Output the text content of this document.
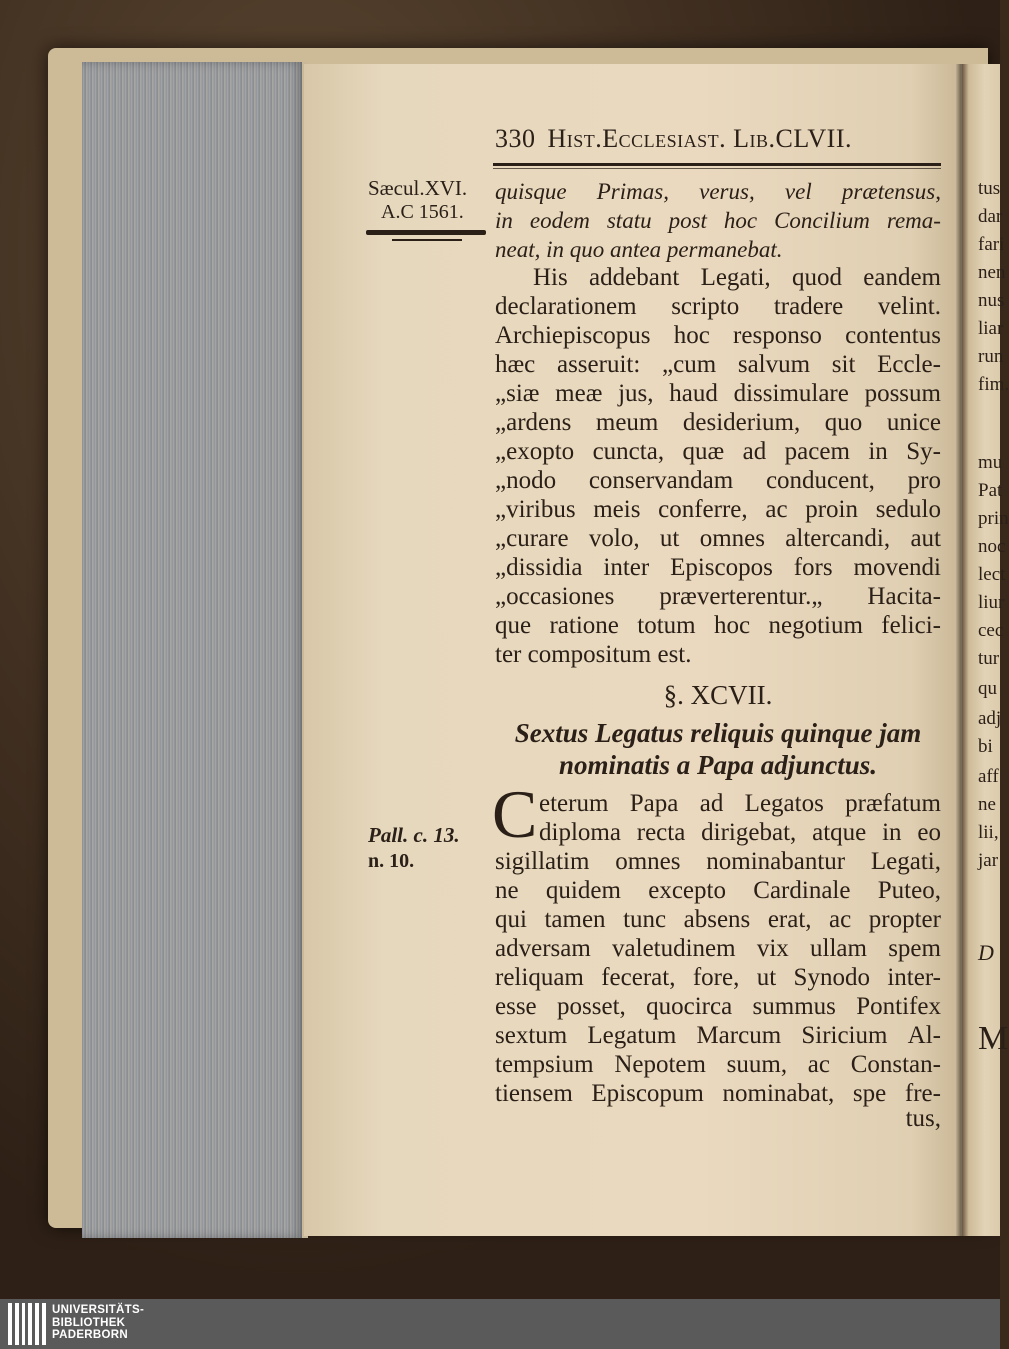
330 Hist.Ecclesiast. Lib.CLVII.
Sæcul.XVI.
A.C 1561.
Pall. c. 13.
n. 10.
quisque Primas, verus, vel prætensus,
in eodem statu post hoc Concilium rema-
neat, in quo antea permanebat.
His addebant Legati, quod eandem
declarationem scripto tradere velint.
Archiepiscopus hoc responso contentus
hæc asseruit: „cum salvum sit Eccle-
„siæ meæ jus, haud dissimulare possum
„ardens meum desiderium, quo unice
„exopto cuncta, quæ ad pacem in Sy-
„nodo conservandam conducent, pro
„viribus meis conferre, ac proin sedulo
„curare volo, ut omnes altercandi, aut
„dissidia inter Episcopos fors movendi
„occasiones præverterentur.„ Hacita-
que ratione totum hoc negotium felici-
ter compositum est.
§. XCVII.
Sextus Legatus reliquis quinque jam
nominatis a Papa adjunctus.
C eterum Papa ad Legatos præfatum
diploma recta dirigebat, atque in eo
sigillatim omnes nominabantur Legati,
ne quidem excepto Cardinale Puteo,
qui tamen tunc absens erat, ac propter
adversam valetudinem vix ullam spem
reliquam fecerat, fore, ut Synodo inter-
esse posset, quocirca summus Pontifex
sextum Legatum Marcum Siricium Al-
tempsium Nepotem suum, ac Constan-
tiensem Episcopum nominabat, spe fre-
tus,
tus
dar
fari
nen
nus
liar
run
fim.
mu
Pat
prin
noc
lect
liur
cec
tur
qu
adj
bi
aff
ne
lii,
jar
D
M
UNIVERSITÄTS-
BIBLIOTHEK
PADERBORN
